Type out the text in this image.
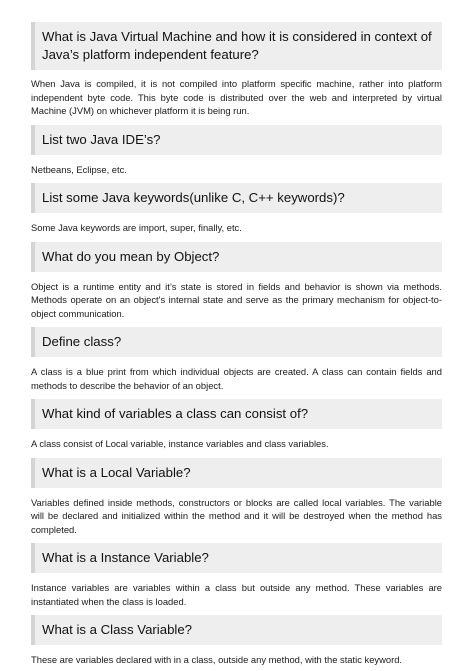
What is Java Virtual Machine and how it is considered in context of Java’s platform independent feature?

When Java is compiled, it is not compiled into platform specific machine, rather into platform independent byte code. This byte code is distributed over the web and interpreted by virtual Machine (JVM) on whichever platform it is being run.

List two Java IDE’s?

Netbeans, Eclipse, etc.

List some Java keywords(unlike C, C++ keywords)?

Some Java keywords are import, super, finally, etc.

What do you mean by Object?

Object is a runtime entity and it’s state is stored in fields and behavior is shown via methods. Methods operate on an object's internal state and serve as the primary mechanism for object-to-object communication.

Define class?

A class is a blue print from which individual objects are created. A class can contain fields and methods to describe the behavior of an object.

What kind of variables a class can consist of?

A class consist of Local variable, instance variables and class variables.

What is a Local Variable?

Variables defined inside methods, constructors or blocks are called local variables. The variable will be declared and initialized within the method and it will be destroyed when the method has completed.

What is a Instance Variable?

Instance variables are variables within a class but outside any method. These variables are instantiated when the class is loaded.

What is a Class Variable?

These are variables declared with in a class, outside any method, with the static keyword.
